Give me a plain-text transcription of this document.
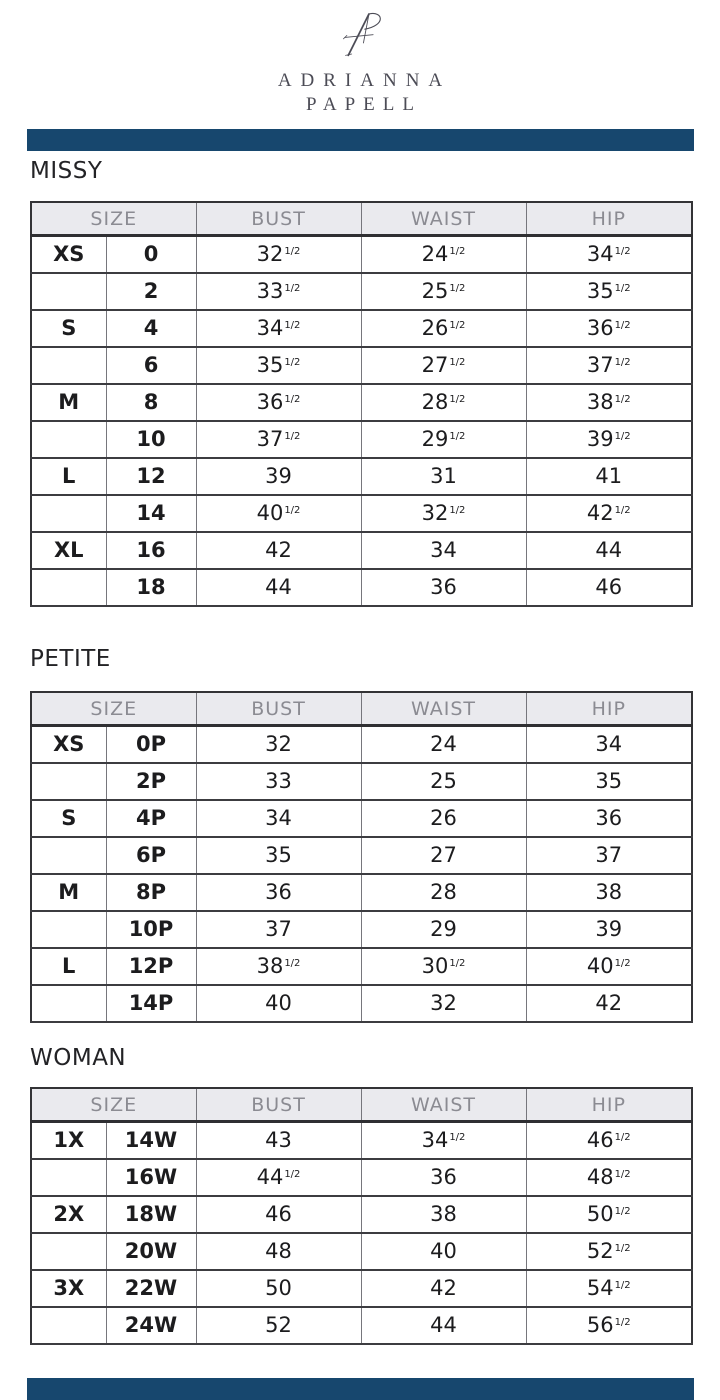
ADRIANNA
PAPELL
MISSY
SIZE		BUST	WAIST	HIP
XS	0	$32^{1/2}$	$24^{1/2}$	$34^{1/2}$
	2	$33^{1/2}$	$25^{1/2}$	$35^{1/2}$
S	4	$34^{1/2}$	$26^{1/2}$	$36^{1/2}$
	6	$35^{1/2}$	$27^{1/2}$	$37^{1/2}$
M	8	$36^{1/2}$	$28^{1/2}$	$38^{1/2}$
	10	$37^{1/2}$	$29^{1/2}$	$39^{1/2}$
L	12	39	31	41
	14	$40^{1/2}$	$32^{1/2}$	$42^{1/2}$
XL	16	42	34	44
	18	44	36	46
PETITE
SIZE		BUST	WAIST	HIP
XS	0P	32	24	34
	2P	33	25	35
S	4P	34	26	36
	6P	35	27	37
M	8P	36	28	38
	10P	37	29	39
L	12P	$38^{1/2}$	$30^{1/2}$	$40^{1/2}$
	14P	40	32	42
WOMAN
SIZE		BUST	WAIST	HIP
1X	14W	43	$34^{1/2}$	$46^{1/2}$
	16W	$44^{1/2}$	36	$48^{1/2}$
2X	18W	46	38	$50^{1/2}$
	20W	48	40	$52^{1/2}$
3X	22W	50	42	$54^{1/2}$
	24W	52	44	$56^{1/2}$
